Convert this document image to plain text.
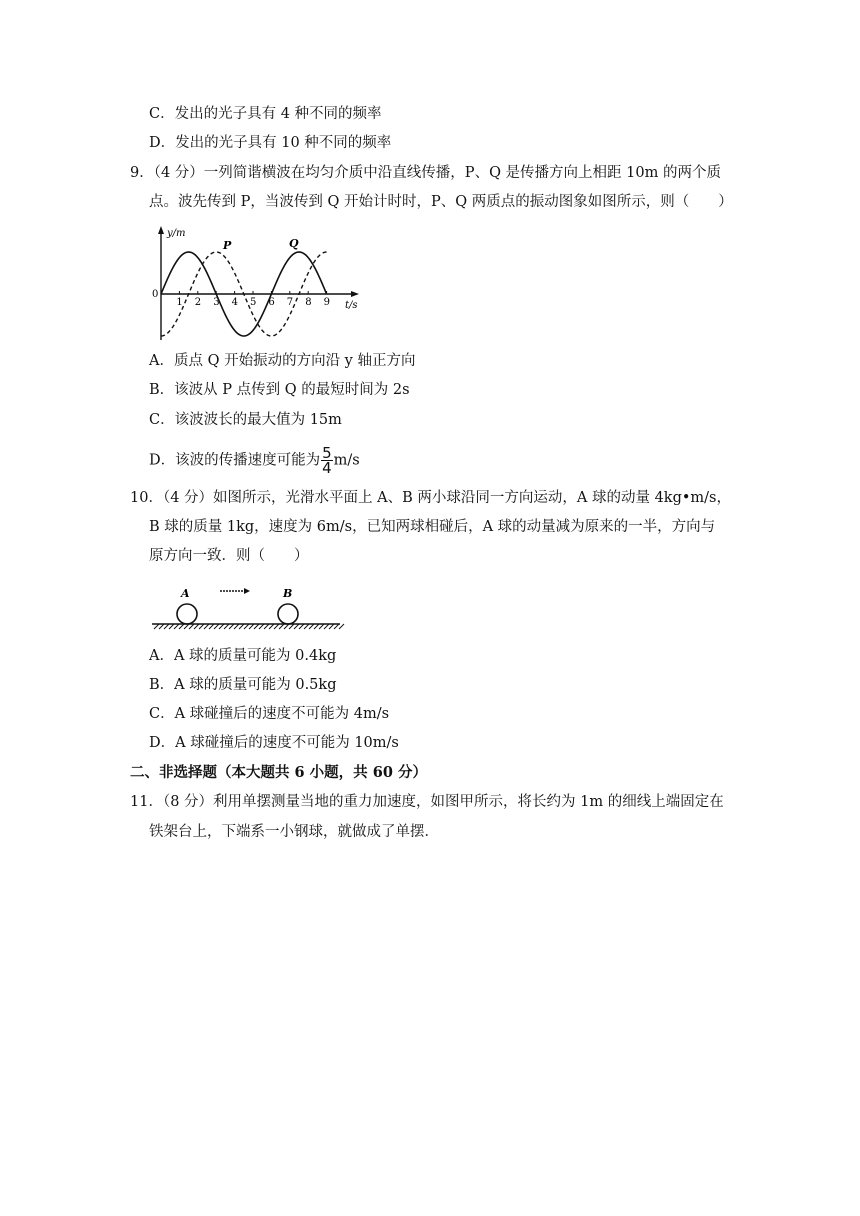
C．发出的光子具有 4 种不同的频率
D．发出的光子具有 10 种不同的频率
9．（4 分）一列简谐横波在均匀介质中沿直线传播，P、Q 是传播方向上相距 10m 的两个质
点。波先传到 P，当波传到 Q 开始计时时，P、Q 两质点的振动图象如图所示，则（　　）
y/m
t/s
0
1 2 3 4 5 6 7 8 9
P	Q
A．质点 Q 开始振动的方向沿 y 轴正方向
B．该波从 P 点传到 Q 的最短时间为 2s
C．该波波长的最大值为 15m
D．该波的传播速度可能为 $\frac{5}{4} m/s$
10．（4 分）如图所示，光滑水平面上 A、B 两小球沿同一方向运动，A 球的动量 4kg•m/s，
B 球的质量 1kg，速度为 6m/s，已知两球相碰后，A 球的动量减为原来的一半，方向与
原方向一致．则（　　）
A	B
A．A 球的质量可能为 0.4kg
B．A 球的质量可能为 0.5kg
C．A 球碰撞后的速度不可能为 4m/s
D．A 球碰撞后的速度不可能为 10m/s
二、非选择题（本大题共 6 小题，共 60 分）
11．（8 分）利用单摆测量当地的重力加速度，如图甲所示，将长约为 1m 的细线上端固定在
铁架台上，下端系一小钢球，就做成了单摆．
